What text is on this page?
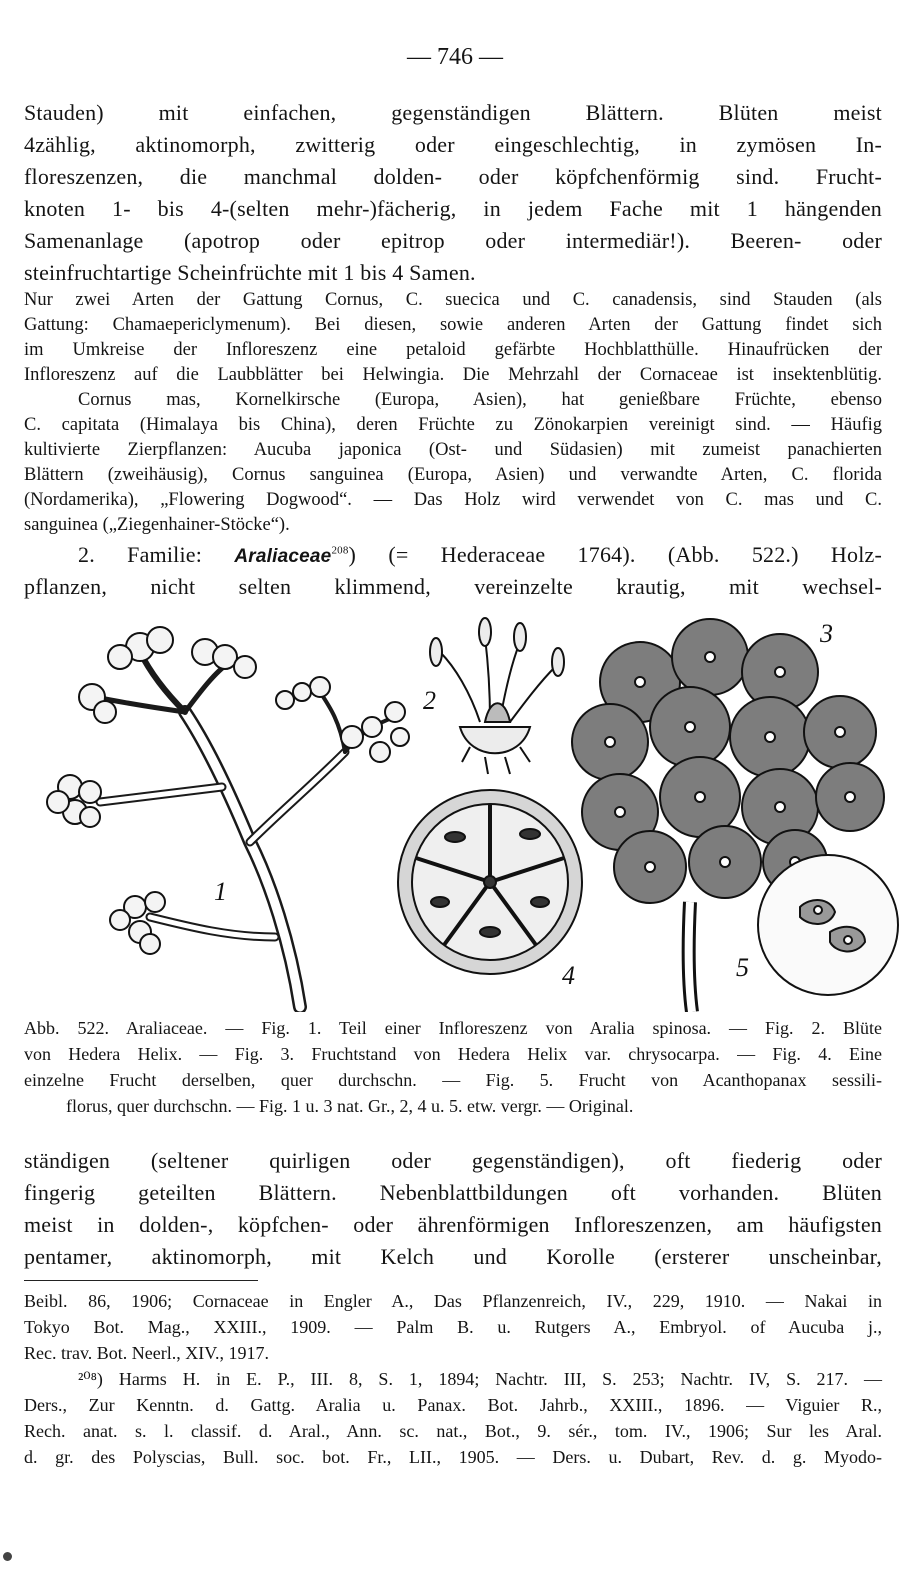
— 746 —
Stauden) mit einfachen, gegenständigen Blättern. Blüten meist
4zählig, aktinomorph, zwitterig oder eingeschlechtig, in zymösen In-
floreszenzen, die manchmal dolden- oder köpfchenförmig sind. Frucht-
knoten 1- bis 4-(selten mehr-)fächerig, in jedem Fache mit 1 hängenden
Samenanlage (apotrop oder epitrop oder intermediär!). Beeren- oder
steinfruchtartige Scheinfrüchte mit 1 bis 4 Samen.
Nur zwei Arten der Gattung Cornus, C. suecica und C. canadensis, sind Stauden (als
Gattung: Chamaepericlymenum). Bei diesen, sowie anderen Arten der Gattung findet sich
im Umkreise der Infloreszenz eine petaloid gefärbte Hochblatthülle. Hinaufrücken der
Infloreszenz auf die Laubblätter bei Helwingia. Die Mehrzahl der Cornaceae ist insektenblütig.
Cornus mas, Kornelkirsche (Europa, Asien), hat genießbare Früchte, ebenso
C. capitata (Himalaya bis China), deren Früchte zu Zönokarpien vereinigt sind. — Häufig
kultivierte Zierpflanzen: Aucuba japonica (Ost- und Südasien) mit zumeist panachierten
Blättern (zweihäusig), Cornus sanguinea (Europa, Asien) und verwandte Arten, C. florida
(Nordamerika), „Flowering Dogwood“. — Das Holz wird verwendet von C. mas und C.
sanguinea („Ziegenhainer-Stöcke“).
2. Familie: Araliaceae$^{208}$) (= Hederaceae 1764). (Abb. 522.) Holz-
pflanzen, nicht selten klimmend, vereinzelte krautig, mit wechsel-
1
2
3
4	5
Abb. 522. Araliaceae. — Fig. 1. Teil einer Infloreszenz von Aralia spinosa. — Fig. 2. Blüte
von Hedera Helix. — Fig. 3. Fruchtstand von Hedera Helix var. chrysocarpa. — Fig. 4. Eine
einzelne Frucht derselben, quer durchschn. — Fig. 5. Frucht von Acanthopanax sessili-
florus, quer durchschn. — Fig. 1 u. 3 nat. Gr., 2, 4 u. 5. etw. vergr. — Original.
ständigen (seltener quirligen oder gegenständigen), oft fiederig oder
fingerig geteilten Blättern. Nebenblattbildungen oft vorhanden. Blüten
meist in dolden-, köpfchen- oder ährenförmigen Infloreszenzen, am häufigsten
pentamer, aktinomorph, mit Kelch und Korolle (ersterer unscheinbar,
Beibl. 86, 1906; Cornaceae in Engler A., Das Pflanzenreich, IV., 229, 1910. — Nakai in
Tokyo Bot. Mag., XXIII., 1909. — Palm B. u. Rutgers A., Embryol. of Aucuba j.,
Rec. trav. Bot. Neerl., XIV., 1917.
²⁰⁸) Harms H. in E. P., III. 8, S. 1, 1894; Nachtr. III, S. 253; Nachtr. IV, S. 217. —
Ders., Zur Kenntn. d. Gattg. Aralia u. Panax. Bot. Jahrb., XXIII., 1896. — Viguier R.,
Rech. anat. s. l. classif. d. Aral., Ann. sc. nat., Bot., 9. sér., tom. IV., 1906; Sur les Aral.
d. gr. des Polyscias, Bull. soc. bot. Fr., LII., 1905. — Ders. u. Dubart, Rev. d. g. Myodo-
